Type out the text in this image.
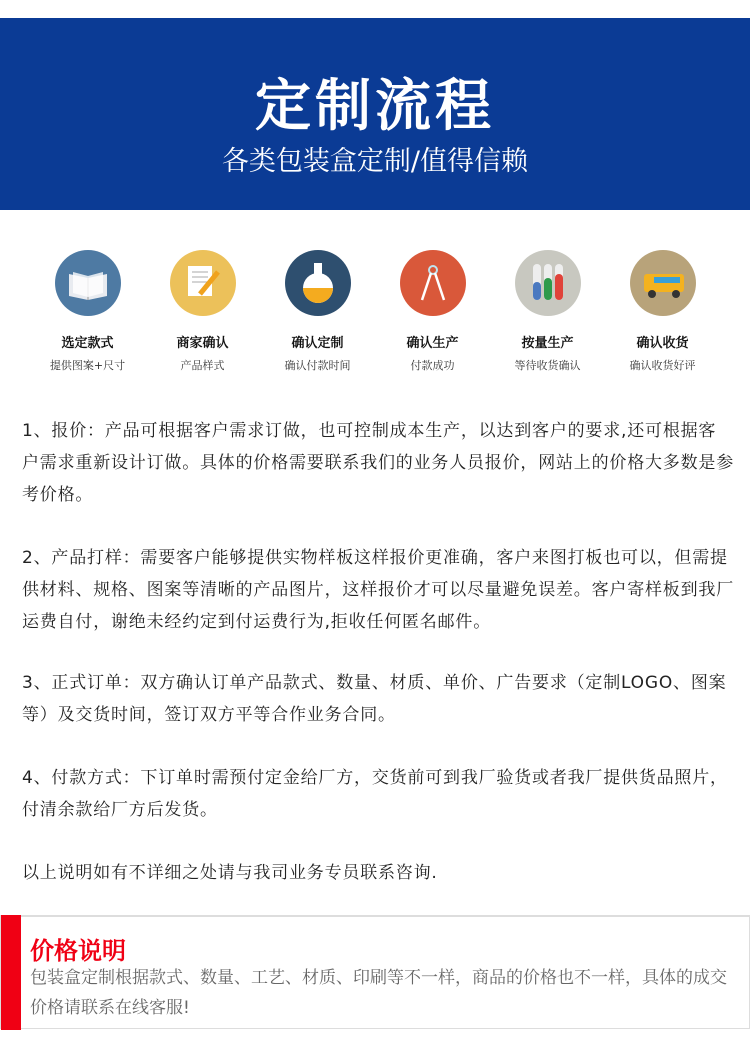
定制流程
各类包装盒定制/值得信赖
选定款式
提供图案+尺寸
商家确认
产品样式
确认定制
确认付款时间
确认生产
付款成功
按量生产
等待收货确认
确认收货
确认收货好评

1、报价：产品可根据客户需求订做，也可控制成本生产，以达到客户的要求,还可根据客户需求重新设计订做。具体的价格需要联系我们的业务人员报价，网站上的价格大多数是参考价格。

2、产品打样：需要客户能够提供实物样板这样报价更准确，客户来图打板也可以，但需提供材料、规格、图案等清晰的产品图片，这样报价才可以尽量避免误差。客户寄样板到我厂运费自付，谢绝未经约定到付运费行为,拒收任何匿名邮件。

3、正式订单：双方确认订单产品款式、数量、材质、单价、广告要求（定制LOGO、图案等）及交货时间，签订双方平等合作业务合同。

4、付款方式：下订单时需预付定金给厂方，交货前可到我厂验货或者我厂提供货品照片，付清余款给厂方后发货。

以上说明如有不详细之处请与我司业务专员联系咨询.

价格说明
包装盒定制根据款式、数量、工艺、材质、印刷等不一样，商品的价格也不一样，具体的成交价格请联系在线客服!
